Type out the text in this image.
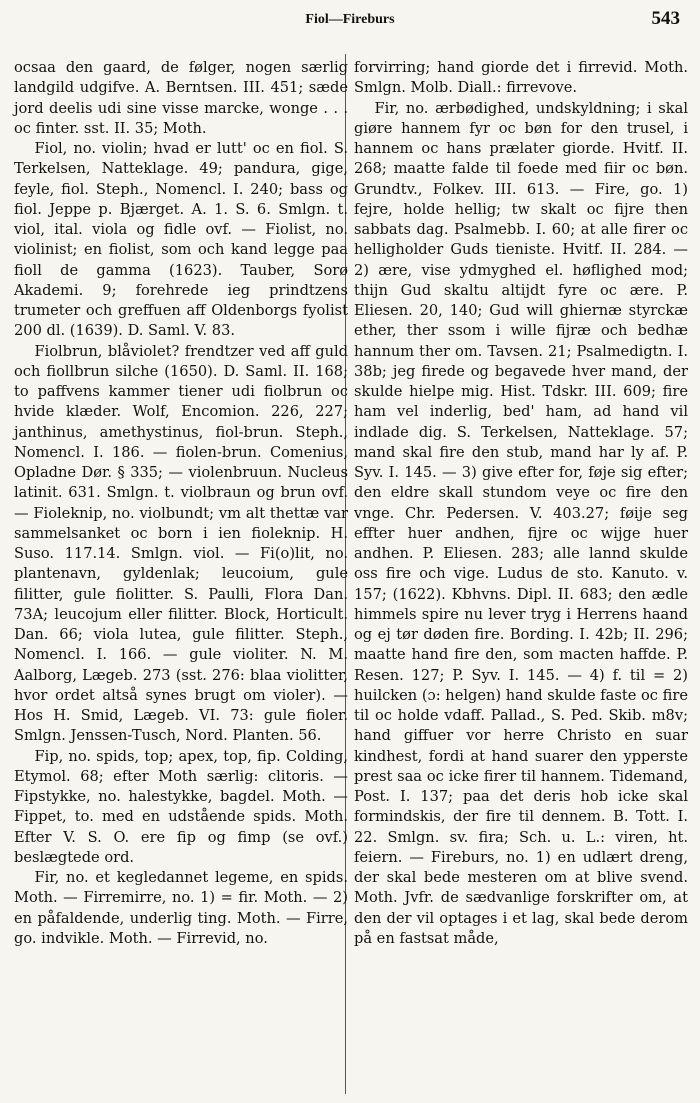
Fiol—Fireburs	543

ocsaa den gaard, de følger, nogen særlig landgild udgifve. A. Berntsen. III. 451; sæde jord deelis udi sine visse marcke, wonge . . . oc finter. sst. II. 35; Moth.

Fiol, no. violin; hvad er lutt' oc en fiol. S. Terkelsen, Natteklage. 49; pandura, gige, feyle, fiol. Steph., Nomencl. I. 240; bass og fiol. Jeppe p. Bjærget. A. 1. S. 6. Smlgn. t. viol, ital. viola og fidle ovf. — Fiolist, no. violinist; en fiolist, som och kand legge paa fioll de gamma (1623). Tauber, Sorø Akademi. 9; forehrede ieg prindtzens trumeter och greffuen aff Oldenborgs fyolist 200 dl. (1639). D. Saml. V. 83.

Fiolbrun, blåviolet? frendtzer ved aff guld och fiollbrun silche (1650). D. Saml. II. 168; to paffvens kammer tiener udi fiolbrun oc hvide klæder. Wolf, Encomion. 226, 227; janthinus, amethystinus, fiol-brun. Steph., Nomencl. I. 186. — fiolen-brun. Comenius, Opladne Dør. § 335; — violenbruun. Nucleus latinit. 631. Smlgn. t. violbraun og brun ovf. — Fioleknip, no. violbundt; vm alt thettæ var sammelsanket oc born i ien fioleknip. H. Suso. 117.14. Smlgn. viol. — Fi(o)lit, no. plantenavn, gyldenlak; leucoium, gule filitter, gule fiolitter. S. Paulli, Flora Dan. 73A; leucojum eller filitter. Block, Horticult. Dan. 66; viola lutea, gule filitter. Steph., Nomencl. I. 166. — gule violiter. N. M. Aalborg, Lægeb. 273 (sst. 276: blaa violitter, hvor ordet altså synes brugt om violer). — Hos H. Smid, Lægeb. VI. 73: gule fioler. Smlgn. Jenssen-Tusch, Nord. Planten. 56.

Fip, no. spids, top; apex, top, fip. Colding, Etymol. 68; efter Moth særlig: clitoris. — Fipstykke, no. halestykke, bagdel. Moth. — Fippet, to. med en udstående spids. Moth. Efter V. S. O. ere fip og fimp (se ovf.) beslægtede ord.

Fir, no. et kegledannet legeme, en spids. Moth. — Firremirre, no. 1) = fir. Moth. — 2) en påfaldende, underlig ting. Moth. — Firre, go. indvikle. Moth. — Firrevid, no.

forvirring; hand giorde det i firrevid. Moth. Smlgn. Molb. Diall.: firrevove.

Fir, no. ærbødighed, undskyldning; i skal giøre hannem fyr oc bøn for den trusel, i hannem oc hans prælater giorde. Hvitf. II. 268; maatte falde til foede med fiir oc bøn. Grundtv., Folkev. III. 613. — Fire, go. 1) fejre, holde hellig; tw skalt oc fijre then sabbats dag. Psalmebb. I. 60; at alle firer oc helligholder Guds tieniste. Hvitf. II. 284. — 2) ære, vise ydmyghed el. høflighed mod; thijn Gud skaltu altijdt fyre oc ære. P. Eliesen. 20, 140; Gud will ghiernæ styrckæ ether, ther ssom i wille fijræ och bedhæ hannum ther om. Tavsen. 21; Psalmedigtn. I. 38b; jeg firede og begavede hver mand, der skulde hielpe mig. Hist. Tdskr. III. 609; fire ham vel inderlig, bed' ham, ad hand vil indlade dig. S. Terkelsen, Natteklage. 57; mand skal fire den stub, mand har ly af. P. Syv. I. 145. — 3) give efter for, føje sig efter; den eldre skall stundom veye oc fire den vnge. Chr. Pedersen. V. 403.27; føije seg effter huer andhen, fijre oc wijge huer andhen. P. Eliesen. 283; alle lannd skulde oss fire och vige. Ludus de sto. Kanuto. v. 157; (1622). Kbhvns. Dipl. II. 683; den ædle himmels spire nu lever tryg i Herrens haand og ej tør døden fire. Bording. I. 42b; II. 296; maatte hand fire den, som macten haffde. P. Resen. 127; P. Syv. I. 145. — 4) f. til = 2) huilcken (ɔ: helgen) hand skulde faste oc fire til oc holde vdaff. Pallad., S. Ped. Skib. m8v; hand giffuer vor herre Christo en suar kindhest, fordi at hand suarer den ypperste prest saa oc icke firer til hannem. Tidemand, Post. I. 137; paa det deris hob icke skal formindskis, der fire til dennem. B. Tott. I. 22. Smlgn. sv. fira; Sch. u. L.: viren, ht. feiern. — Fireburs, no. 1) en udlært dreng, der skal bede mesteren om at blive svend. Moth. Jvfr. de sædvanlige forskrifter om, at den der vil optages i et lag, skal bede derom på en fastsat måde,
